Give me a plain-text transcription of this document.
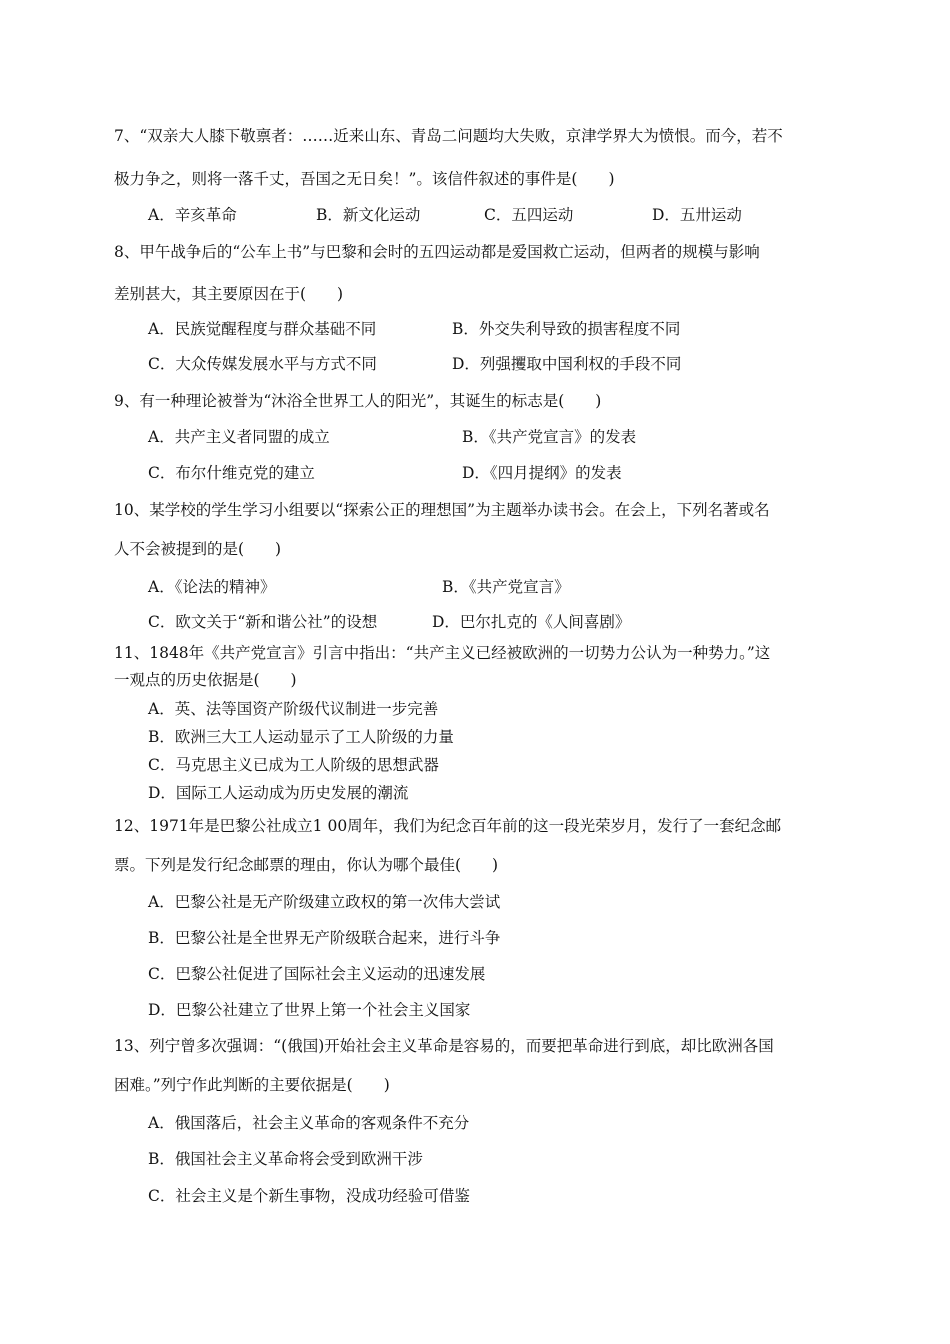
7、“双亲大人膝下敬禀者：……近来山东、青岛二问题均大失败，京津学界大为愤恨。而今，若不
极力争之，则将一落千丈，吾国之无日矣！”。该信件叙述的事件是(　　)
A．辛亥革命	B．新文化运动	C．五四运动	D．五卅运动
8、甲午战争后的“公车上书”与巴黎和会时的五四运动都是爱国救亡运动，但两者的规模与影响
差别甚大，其主要原因在于(　　)
A．民族觉醒程度与群众基础不同	B．外交失利导致的损害程度不同
C．大众传媒发展水平与方式不同	D．列强攫取中国利权的手段不同
9、有一种理论被誉为“沐浴全世界工人的阳光”，其诞生的标志是(　　)
A．共产主义者同盟的成立	B．《共产党宣言》的发表
C．布尔什维克党的建立	D．《四月提纲》的发表
10、某学校的学生学习小组要以“探索公正的理想国”为主题举办读书会。在会上，下列名著或名
人不会被提到的是(　　)
A．《论法的精神》	B．《共产党宣言》
C．欧文关于“新和谐公社”的设想	D．巴尔扎克的《人间喜剧》
11、1848年《共产党宣言》引言中指出：“共产主义已经被欧洲的一切势力公认为一种势力。”这
一观点的历史依据是(　　)
A．英、法等国资产阶级代议制进一步完善
B．欧洲三大工人运动显示了工人阶级的力量
C．马克思主义已成为工人阶级的思想武器
D．国际工人运动成为历史发展的潮流
12、1971年是巴黎公社成立1 00周年，我们为纪念百年前的这一段光荣岁月，发行了一套纪念邮
票。下列是发行纪念邮票的理由，你认为哪个最佳(　　)
A．巴黎公社是无产阶级建立政权的第一次伟大尝试
B．巴黎公社是全世界无产阶级联合起来，进行斗争
C．巴黎公社促进了国际社会主义运动的迅速发展
D．巴黎公社建立了世界上第一个社会主义国家
13、列宁曾多次强调：“(俄国)开始社会主义革命是容易的，而要把革命进行到底，却比欧洲各国
困难。”列宁作此判断的主要依据是(　　)
A．俄国落后，社会主义革命的客观条件不充分
B．俄国社会主义革命将会受到欧洲干涉
C．社会主义是个新生事物，没成功经验可借鉴
